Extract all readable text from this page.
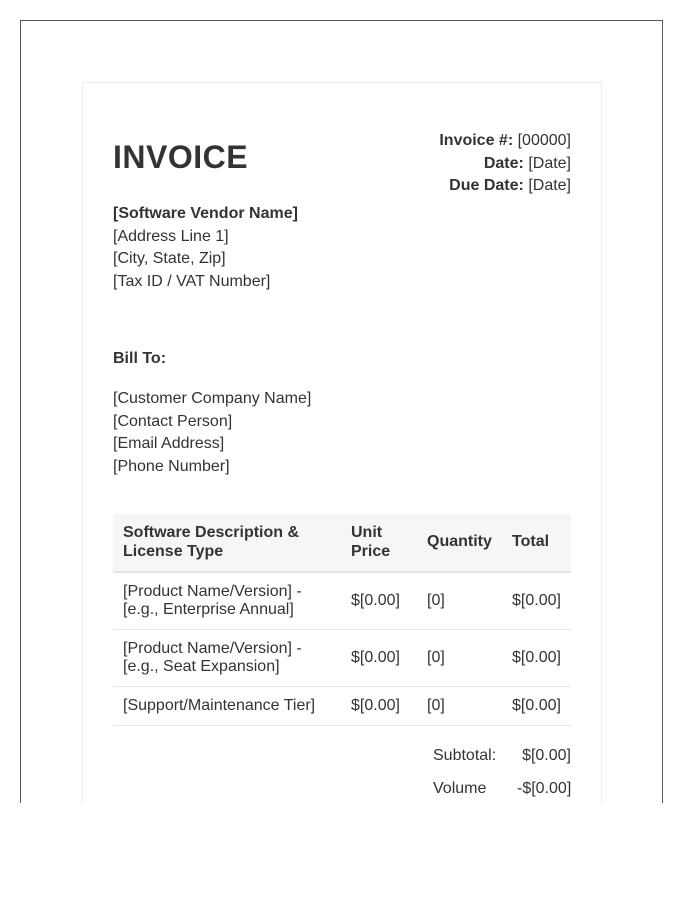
INVOICE	Invoice #: [00000]
Date: [Date]
Due Date: [Date]
[Software Vendor Name]
[Address Line 1]
[City, State, Zip]
[Tax ID / VAT Number]
Bill To:
[Customer Company Name]
[Contact Person]
[Email Address]
[Phone Number]
Software Description & License Type	Unit Price	Quantity	Total

[Product Name/Version] -
[e.g., Enterprise Annual]	$[0.00]	[0]	$[0.00]

[Product Name/Version] -
[e.g., Seat Expansion]	$[0.00]	[0]	$[0.00]
[Support/Maintenance Tier]	$[0.00]	[0]	$[0.00]
Subtotal:	$[0.00]
Volume	-$[0.00]
